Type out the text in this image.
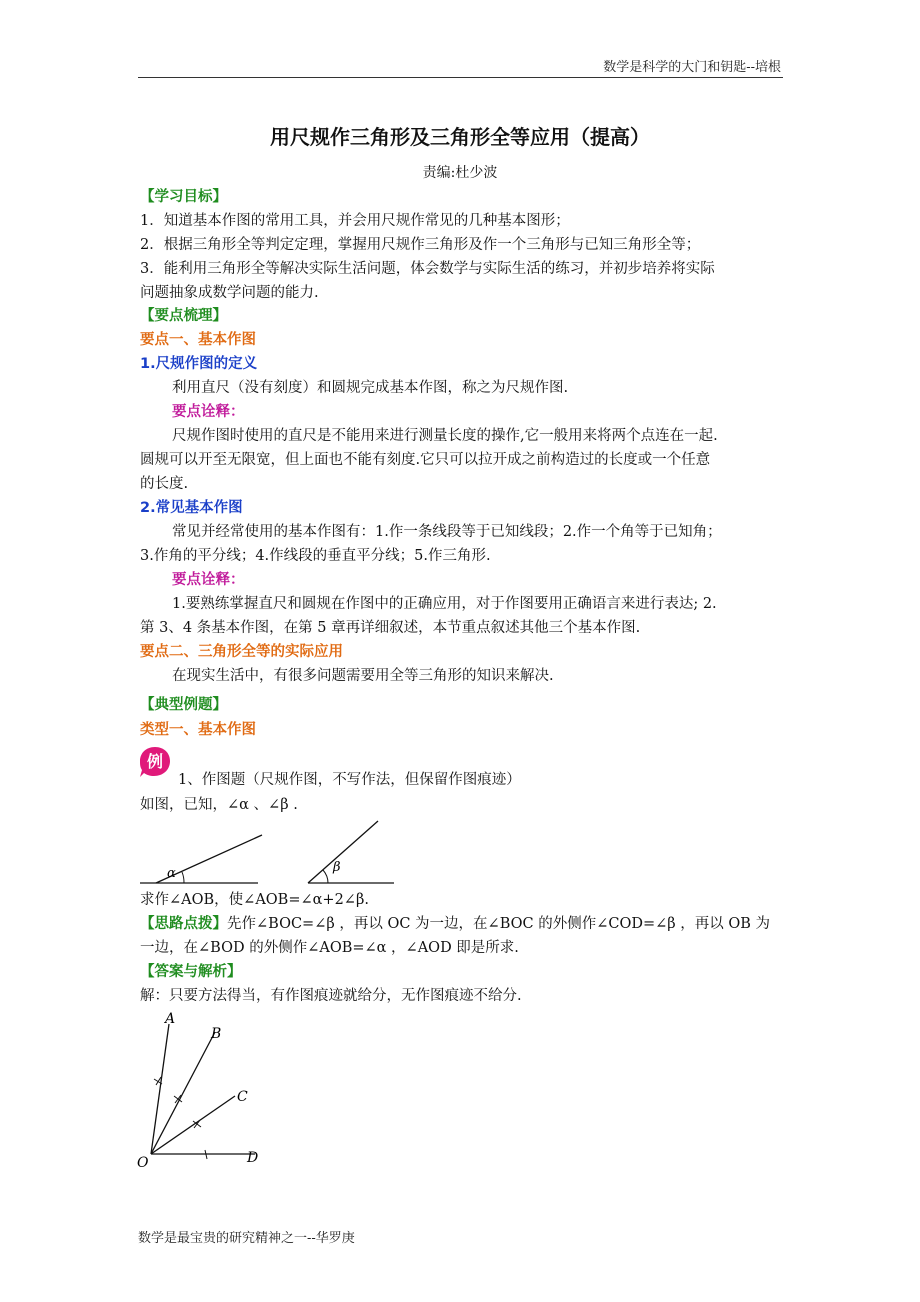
数学是科学的大门和钥匙--培根
用尺规作三角形及三角形全等应用（提高）
责编:杜少波
【学习目标】
1．知道基本作图的常用工具，并会用尺规作常见的几种基本图形；
2．根据三角形全等判定定理，掌握用尺规作三角形及作一个三角形与已知三角形全等；
3．能利用三角形全等解决实际生活问题，体会数学与实际生活的练习，并初步培养将实际
问题抽象成数学问题的能力.
【要点梳理】
要点一、基本作图
1.尺规作图的定义
利用直尺（没有刻度）和圆规完成基本作图，称之为尺规作图.
要点诠释：
尺规作图时使用的直尺是不能用来进行测量长度的操作,它一般用来将两个点连在一起.
圆规可以开至无限宽，但上面也不能有刻度.它只可以拉开成之前构造过的长度或一个任意
的长度.
2.常见基本作图
常见并经常使用的基本作图有：1.作一条线段等于已知线段；2.作一个角等于已知角；
3.作角的平分线；4.作线段的垂直平分线；5.作三角形.
要点诠释：
1.要熟练掌握直尺和圆规在作图中的正确应用，对于作图要用正确语言来进行表达; 2.
第 3、4 条基本作图，在第 5 章再详细叙述，本节重点叙述其他三个基本作图.
要点二、三角形全等的实际应用
在现实生活中，有很多问题需要用全等三角形的知识来解决.
【典型例题】
类型一、基本作图
例
1、作图题（尺规作图，不写作法，但保留作图痕迹）
如图，已知，∠α 、∠β .
α	β
求作∠AOB，使∠AOB=∠α+2∠β.
【思路点拨】先作∠BOC=∠β ，再以 OC 为一边，在∠BOC 的外侧作∠COD=∠β ，再以 OB 为
一边，在∠BOD 的外侧作∠AOB=∠α ，∠AOD 即是所求.
【答案与解析】
解：只要方法得当，有作图痕迹就给分，无作图痕迹不给分.
A
B
C
D
O
数学是最宝贵的研究精神之一--华罗庚
